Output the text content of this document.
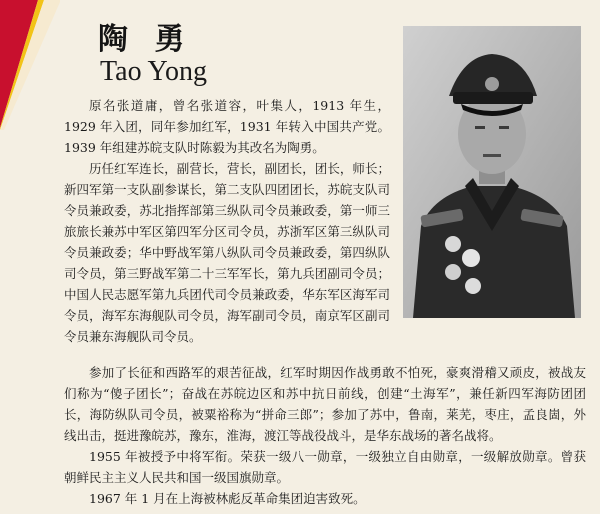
陶 勇
Tao Yong

原名张道庸，曾名张道容，叶集人，1913 年生，1929 年入团，同年参加红军，1931 年转入中国共产党。1939 年组建苏皖支队时陈毅为其改名为陶勇。

历任红军连长，副营长，营长，副团长，团长，师长；新四军第一支队副参谋长，第二支队四团团长，苏皖支队司令员兼政委，苏北指挥部第三纵队司令员兼政委，第一师三旅旅长兼苏中军区第四军分区司令员，苏浙军区第三纵队司令员兼政委；华中野战军第八纵队司令员兼政委，第四纵队司令员，第三野战军第二十三军军长，第九兵团副司令员；中国人民志愿军第九兵团代司令员兼政委，华东军区海军司令员，海军东海舰队司令员，海军副司令员，南京军区副司令员兼东海舰队司令员。

参加了长征和西路军的艰苦征战，红军时期因作战勇敢不怕死，豪爽滑稽又顽皮，被战友们称为“傻子团长”；奋战在苏皖边区和苏中抗日前线，创建“土海军”，兼任新四军海防团团长，海防纵队司令员，被粟裕称为“拼命三郎”；参加了苏中，鲁南，莱芜，枣庄，孟良崮，外线出击，挺进豫皖苏，豫东，淮海，渡江等战役战斗，是华东战场的著名战将。

1955 年被授予中将军衔。荣获一级八一勋章，一级独立自由勋章，一级解放勋章。曾获朝鲜民主主义人民共和国一级国旗勋章。

1967 年 1 月在上海被林彪反革命集团迫害致死。
